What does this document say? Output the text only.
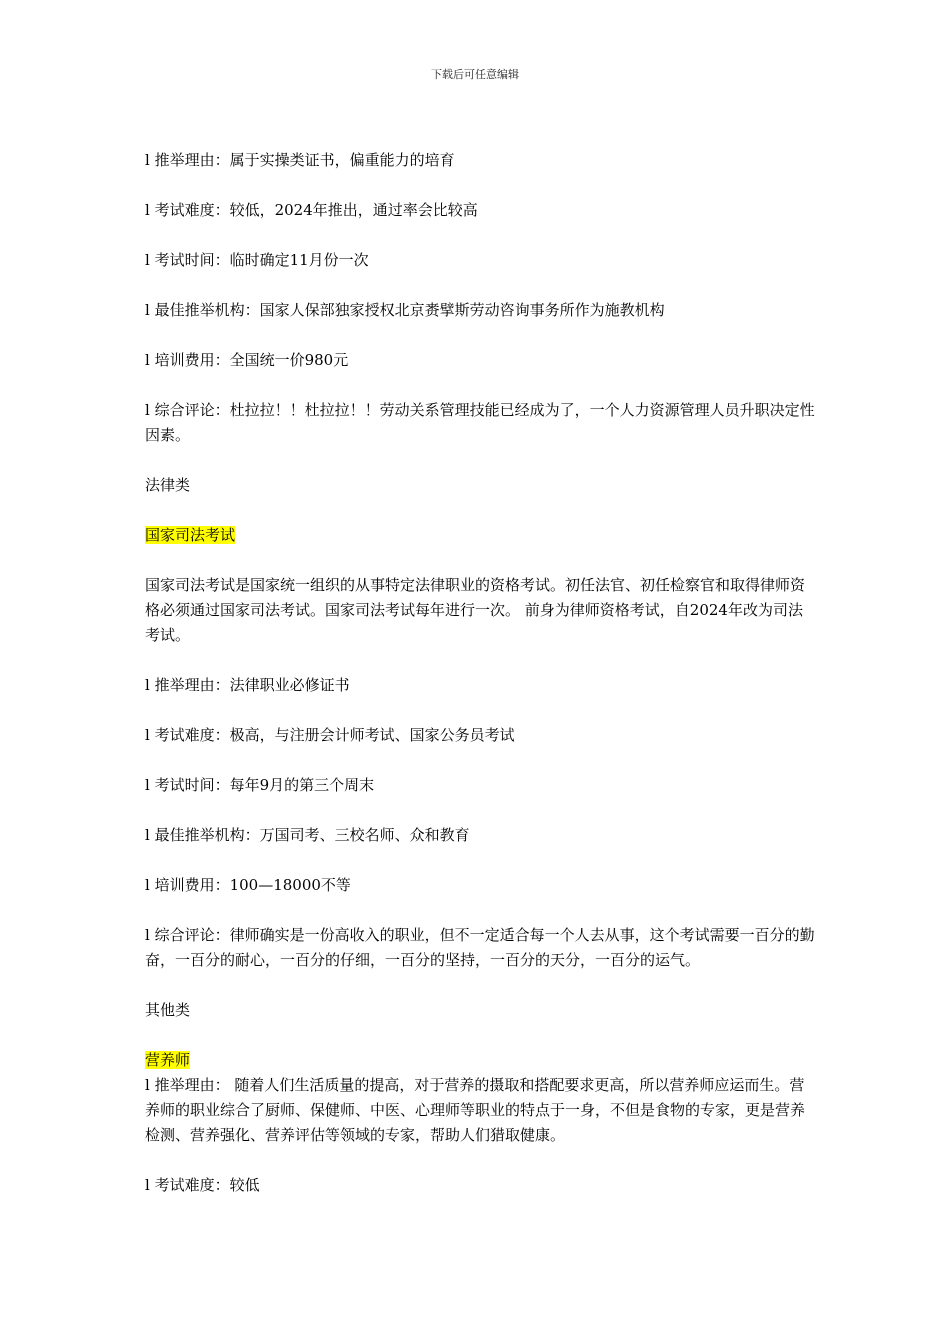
下载后可任意编辑

l 推举理由：属于实操类证书，偏重能力的培育

l 考试难度：较低，2024年推出，通过率会比较高

l 考试时间：临时确定11月份一次

l 最佳推举机构：国家人保部独家授权北京赉擘斯劳动咨询事务所作为施教机构

l 培训费用：全国统一价980元

l 综合评论：杜拉拉！！杜拉拉！！劳动关系管理技能已经成为了，一个人力资源管理人员升职决定性因素。

法律类

国家司法考试

国家司法考试是国家统一组织的从事特定法律职业的资格考试。初任法官、初任检察官和取得律师资格必须通过国家司法考试。国家司法考试每年进行一次。 前身为律师资格考试，自2024年改为司法考试。

l 推举理由：法律职业必修证书

l 考试难度：极高，与注册会计师考试、国家公务员考试

l 考试时间：每年9月的第三个周末

l 最佳推举机构：万国司考、三校名师、众和教育

l 培训费用：100—18000不等

l 综合评论：律师确实是一份高收入的职业，但不一定适合每一个人去从事，这个考试需要一百分的勤奋，一百分的耐心，一百分的仔细，一百分的坚持，一百分的天分，一百分的运气。

其他类

营养师

l 推举理由： 随着人们生活质量的提高，对于营养的摄取和搭配要求更高，所以营养师应运而生。营养师的职业综合了厨师、保健师、中医、心理师等职业的特点于一身，不但是食物的专家，更是营养检测、营养强化、营养评估等领域的专家，帮助人们猎取健康。

l 考试难度：较低
